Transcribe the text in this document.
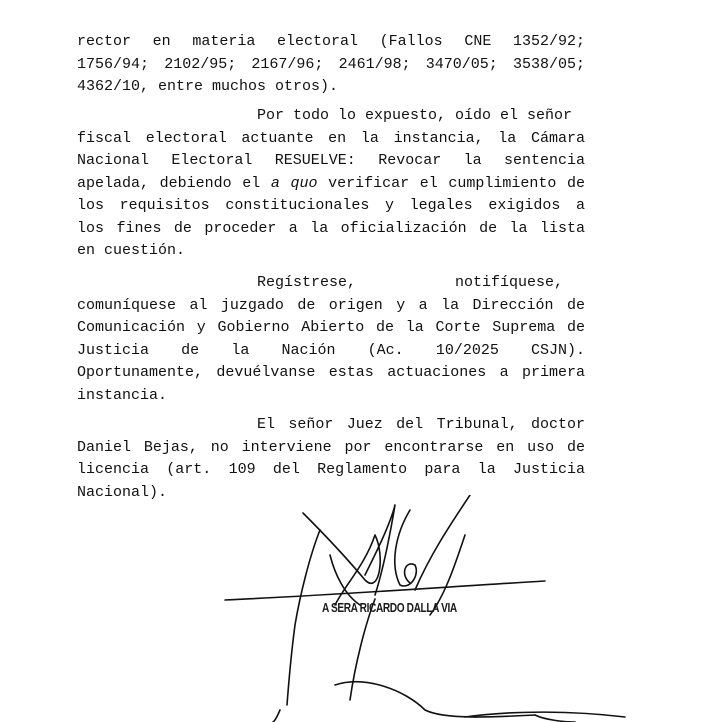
rector en materia electoral (Fallos CNE 1352/92;
1756/94; 2102/95; 2167/96; 2461/98; 3470/05; 3538/05;
4362/10, entre muchos otros).
Por todo lo expuesto, oído el señor
fiscal electoral actuante en la instancia, la Cámara
Nacional Electoral RESUELVE: Revocar la sentencia
apelada, debiendo el a quo verificar el cumplimiento de
los requisitos constitucionales y legales exigidos a
los fines de proceder a la oficialización de la lista
en cuestión.
Regístrese, notifíquese,
comuníquese al juzgado de origen y a la Dirección de
Comunicación y Gobierno Abierto de la Corte Suprema de
Justicia de la Nación (Ac. 10/2025 CSJN).
Oportunamente, devuélvanse estas actuaciones a primera
instancia.
El señor Juez del Tribunal, doctor
Daniel Bejas, no interviene por encontrarse en uso de
licencia (art. 109 del Reglamento para la Justicia
Nacional).
A SERA RICARDO DALLA VIA
